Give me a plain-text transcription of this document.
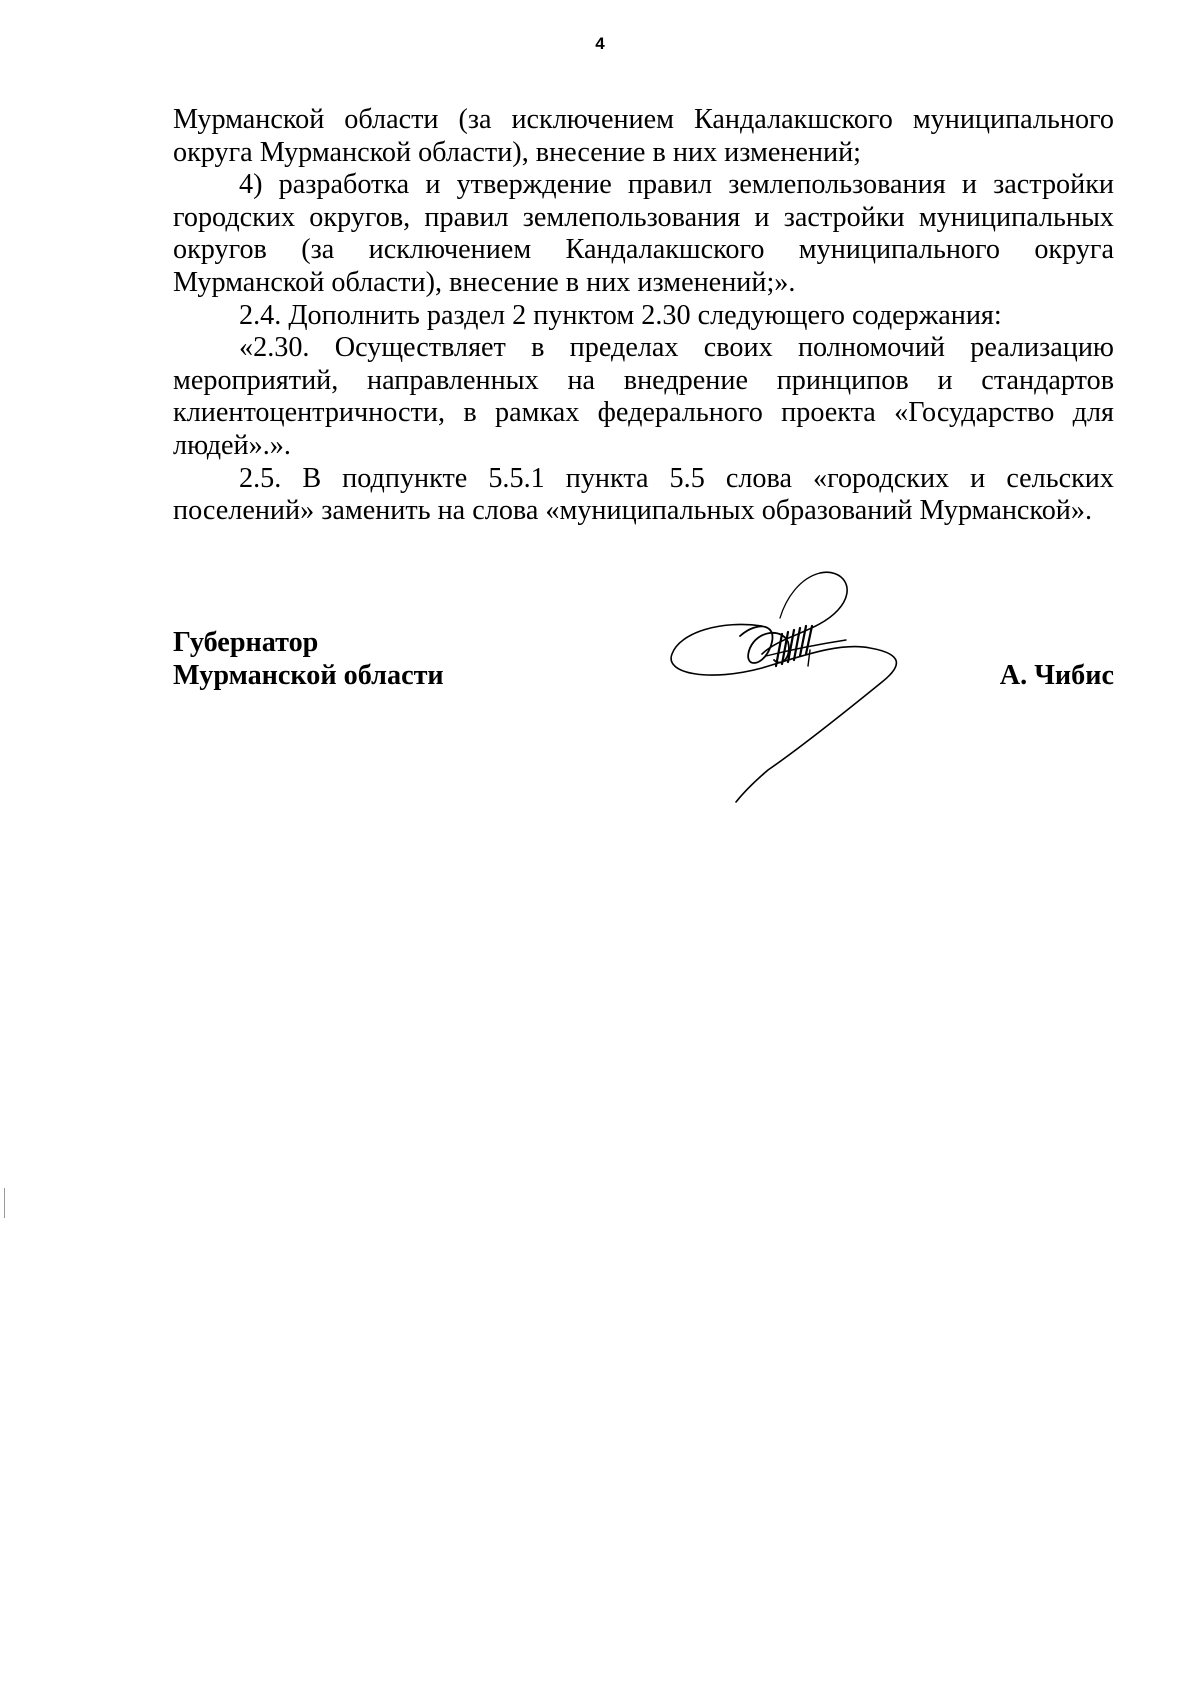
4

Мурманской области (за исключением Кандалакшского муниципального округа Мурманской области), внесение в них изменений;

4) разработка и утверждение правил землепользования и застройки городских округов, правил землепользования и застройки муниципальных округов (за исключением Кандалакшского муниципального округа Мурманской области), внесение в них изменений;».

2.4. Дополнить раздел 2 пунктом 2.30 следующего содержания:

«2.30. Осуществляет в пределах своих полномочий реализацию мероприятий, направленных на внедрение принципов и стандартов клиентоцентричности, в рамках федерального проекта «Государство для людей».».

2.5. В подпункте 5.5.1 пункта 5.5 слова «городских и сельских поселений» заменить на слова «муниципальных образований Мурманской».

Губернатор
Мурманской области	А. Чибис
